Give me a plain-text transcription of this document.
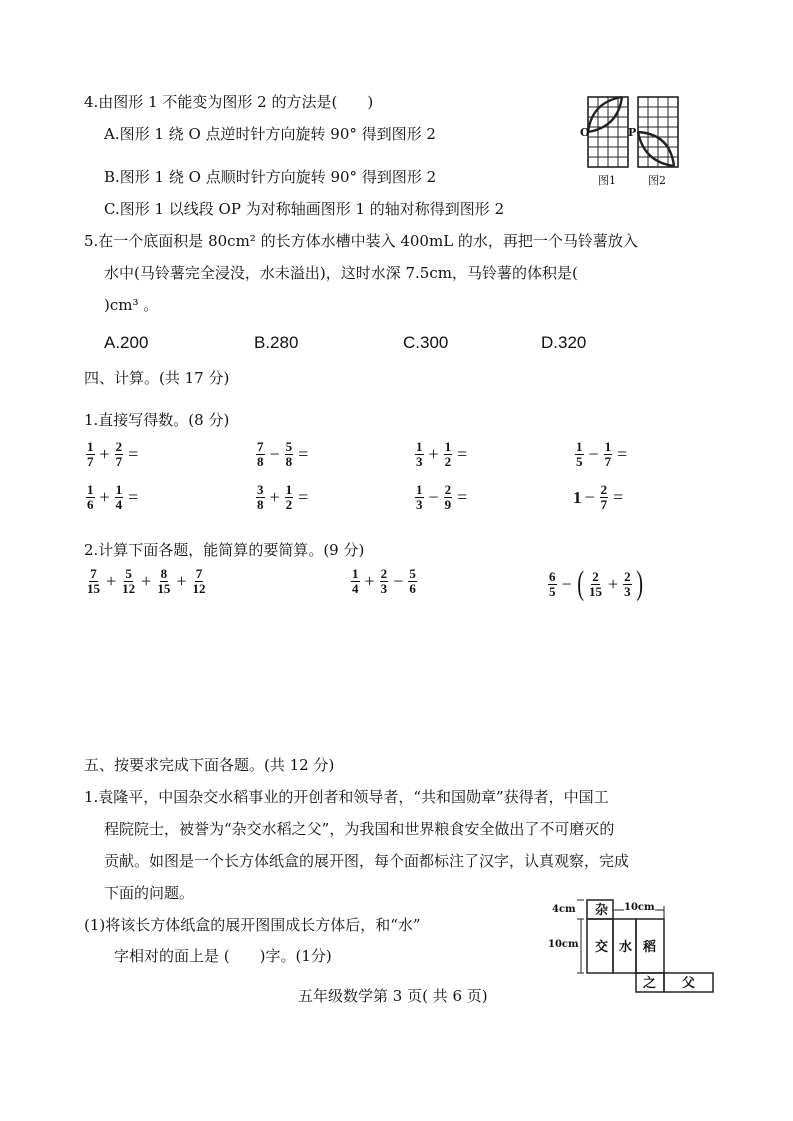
4.由图形 1 不能变为图形 2 的方法是(　　)
A.图形 1 绕 O 点逆时针方向旋转 90° 得到图形 2
B.图形 1 绕 O 点顺时针方向旋转 90° 得到图形 2
C.图形 1 以线段 OP 为对称轴画图形 1 的轴对称得到图形 2
O	P
图1	图2
5.在一个底面积是 80cm² 的长方体水槽中装入 400mL 的水，再把一个马铃薯放入
水中(马铃薯完全浸没，水未溢出)，这时水深 7.5cm，马铃薯的体积是(
)cm³ 。
A.200	B.280	C.300	D.320
四、计算。(共 17 分)
1.直接写得数。(8 分)
$\frac{1}{7} + \frac{2}{7}$ =	$\frac{7}{8} - \frac{5}{8}$ =	$\frac{1}{3} + \frac{1}{2}$ =	$\frac{1}{5} - \frac{1}{7}$ =
$\frac{1}{6} + \frac{1}{4}$ =	$\frac{3}{8} + \frac{1}{2}$ =	$\frac{1}{3} - \frac{2}{9}$ =	$1 - \frac{2}{7}$ =
2.计算下面各题，能简算的要简算。(9 分)
$\frac{7}{15} + \frac{5}{12} + \frac{8}{15} + \frac{7}{12}$	$\frac{1}{4} + \frac{2}{3} - \frac{5}{6}$	$\frac{6}{5}$ − ( $\frac{2}{15} + \frac{2}{3}$ )
五、按要求完成下面各题。(共 12 分)
1.袁隆平，中国杂交水稻事业的开创者和领导者，“共和国勋章”获得者，中国工
程院院士，被誉为“杂交水稻之父”，为我国和世界粮食安全做出了不可磨灭的
贡献。如图是一个长方体纸盒的展开图，每个面都标注了汉字，认真观察，完成
下面的问题。
(1)将该长方体纸盒的展开图围成长方体后，和“水”
字相对的面上是 (　　)字。(1分)
4cm	10cm
10cm
杂
交 水 稻
之 父
五年级数学第 3 页( 共 6 页)
